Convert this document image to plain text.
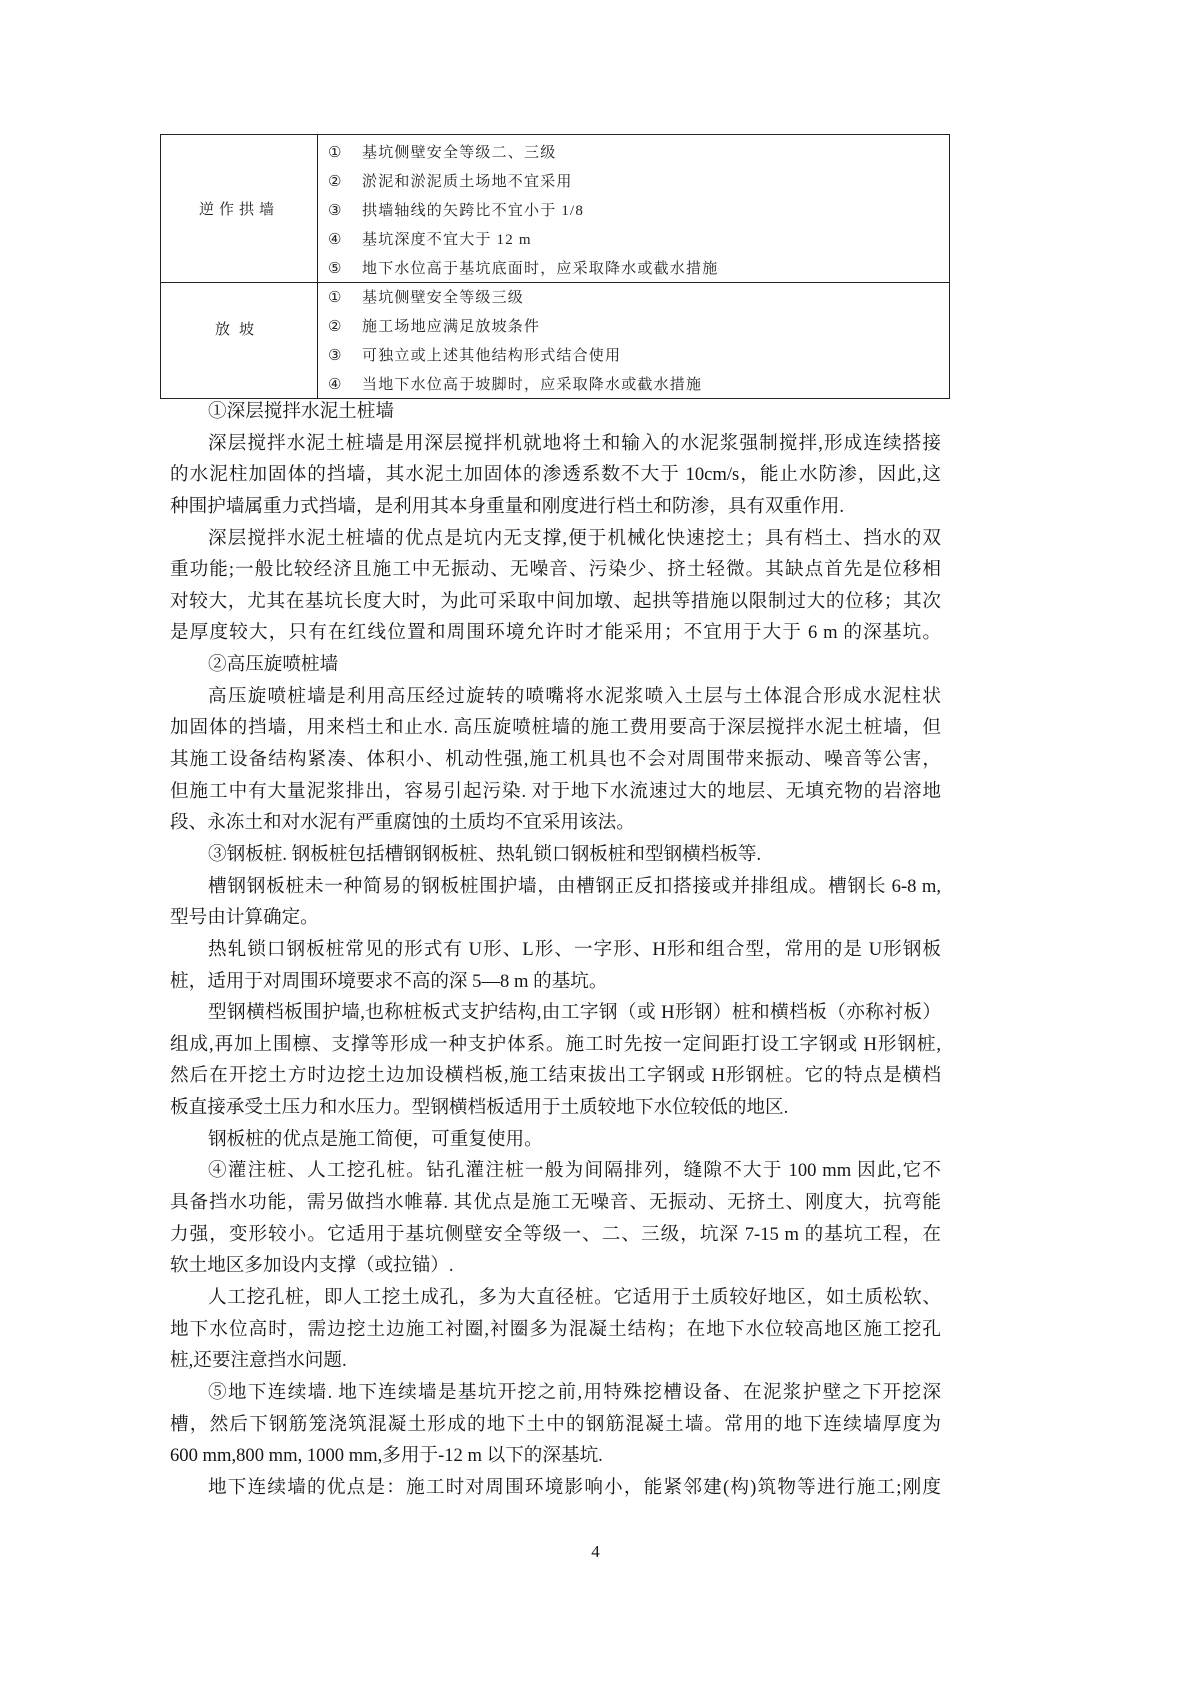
逆作拱墙
① 基坑侧壁安全等级二、三级
② 淤泥和淤泥质土场地不宜采用
③ 拱墙轴线的矢跨比不宜小于 1/8
④ 基坑深度不宜大于 12 m
⑤ 地下水位高于基坑底面时，应采取降水或截水措施
放坡
① 基坑侧壁安全等级三级
② 施工场地应满足放坡条件
③ 可独立或上述其他结构形式结合使用
④ 当地下水位高于坡脚时，应采取降水或截水措施
①深层搅拌水泥土桩墙
深层搅拌水泥土桩墙是用深层搅拌机就地将土和输入的水泥浆强制搅拌,形成连续搭接
的水泥柱加固体的挡墙，其水泥土加固体的渗透系数不大于 10cm/s，能止水防渗，因此,这
种围护墙属重力式挡墙，是利用其本身重量和刚度进行档土和防渗，具有双重作用.
深层搅拌水泥土桩墙的优点是坑内无支撑,便于机械化快速挖土；具有档土、挡水的双
重功能;一般比较经济且施工中无振动、无噪音、污染少、挤土轻微。其缺点首先是位移相
对较大，尤其在基坑长度大时，为此可采取中间加墩、起拱等措施以限制过大的位移；其次
是厚度较大，只有在红线位置和周围环境允许时才能采用；不宜用于大于 6 m 的深基坑。
②高压旋喷桩墙
高压旋喷桩墙是利用高压经过旋转的喷嘴将水泥浆喷入土层与土体混合形成水泥柱状
加固体的挡墙，用来档土和止水. 高压旋喷桩墙的施工费用要高于深层搅拌水泥土桩墙，但
其施工设备结构紧凑、体积小、机动性强,施工机具也不会对周围带来振动、噪音等公害，
但施工中有大量泥浆排出，容易引起污染. 对于地下水流速过大的地层、无填充物的岩溶地
段、永冻土和对水泥有严重腐蚀的土质均不宜采用该法。
③钢板桩. 钢板桩包括槽钢钢板桩、热轧锁口钢板桩和型钢横档板等.
槽钢钢板桩未一种简易的钢板桩围护墙，由槽钢正反扣搭接或并排组成。槽钢长 6-8 m,
型号由计算确定。
热轧锁口钢板桩常见的形式有 U形、L形、一字形、H形和组合型，常用的是 U形钢板
桩，适用于对周围环境要求不高的深 5—8 m 的基坑。
型钢横档板围护墙,也称桩板式支护结构,由工字钢（或 H形钢）桩和横档板（亦称衬板）
组成,再加上围檩、支撑等形成一种支护体系。施工时先按一定间距打设工字钢或 H形钢桩,
然后在开挖土方时边挖土边加设横档板,施工结束拔出工字钢或 H形钢桩。它的特点是横档
板直接承受土压力和水压力。型钢横档板适用于土质较地下水位较低的地区.
钢板桩的优点是施工简便，可重复使用。
④灌注桩、人工挖孔桩。钻孔灌注桩一般为间隔排列，缝隙不大于 100 mm 因此,它不
具备挡水功能，需另做挡水帷幕. 其优点是施工无噪音、无振动、无挤土、刚度大，抗弯能
力强，变形较小。它适用于基坑侧壁安全等级一、二、三级，坑深 7-15 m 的基坑工程，在
软土地区多加设内支撑（或拉锚）.
人工挖孔桩，即人工挖土成孔，多为大直径桩。它适用于土质较好地区，如土质松软、
地下水位高时，需边挖土边施工衬圈,衬圈多为混凝土结构；在地下水位较高地区施工挖孔
桩,还要注意挡水问题.
⑤地下连续墙. 地下连续墙是基坑开挖之前,用特殊挖槽设备、在泥浆护壁之下开挖深
槽，然后下钢筋笼浇筑混凝土形成的地下土中的钢筋混凝土墙。常用的地下连续墙厚度为
600 mm,800 mm, 1000 mm,多用于-12 m 以下的深基坑.
地下连续墙的优点是：施工时对周围环境影响小，能紧邻建(构)筑物等进行施工;刚度
4
